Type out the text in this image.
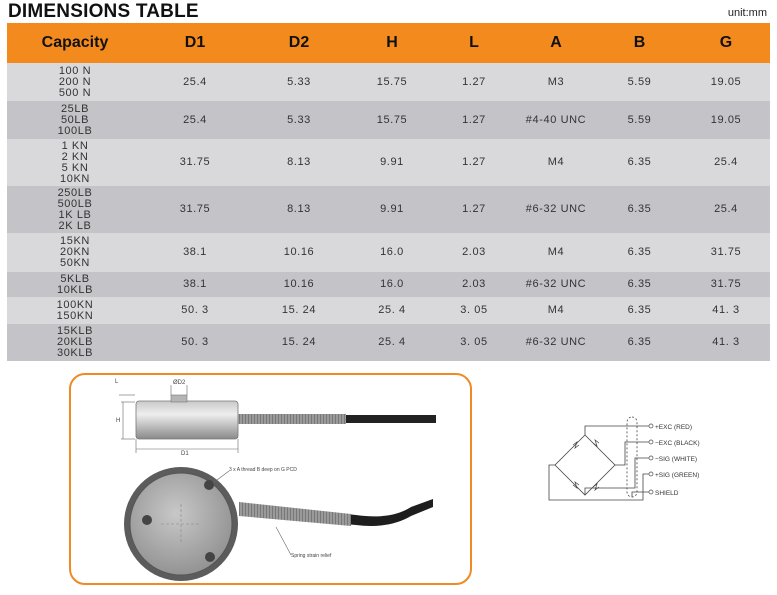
DIMENSIONS TABLE	unit:mm
Capacity	D1	D2	H	L	A	B	G

100 N
200 N
500 N	25.4	5.33	15.75	1.27	M3	5.59	19.05

25LB
50LB
100LB	25.4	5.33	15.75	1.27	#4-40 UNC	5.59	19.05

1 KN
2 KN
5 KN
10KN	31.75	8.13	9.91	1.27	M4	6.35	25.4

250LB
500LB
1K LB
2K LB	31.75	8.13	9.91	1.27	#6-32 UNC	6.35	25.4

15KN
20KN
50KN	38.1	10.16	16.0	2.03	M4	6.35	31.75

5KLB
10KLB	38.1	10.16	16.0	2.03	#6-32 UNC	6.35	31.75

100KN
150KN	50. 3	15. 24	25. 4	3. 05	M4	6.35	41. 3

15KLB
20KLB
30KLB	50. 3	15. 24	25. 4	3. 05	#6-32 UNC	6.35	41. 3
D1
ØD2
H
L
3 x A thread B deep on G PCD
Spring strain relief
+EXC (RED)
−EXC (BLACK)
−SIG (WHITE)
+SIG (GREEN)
SHIELD
